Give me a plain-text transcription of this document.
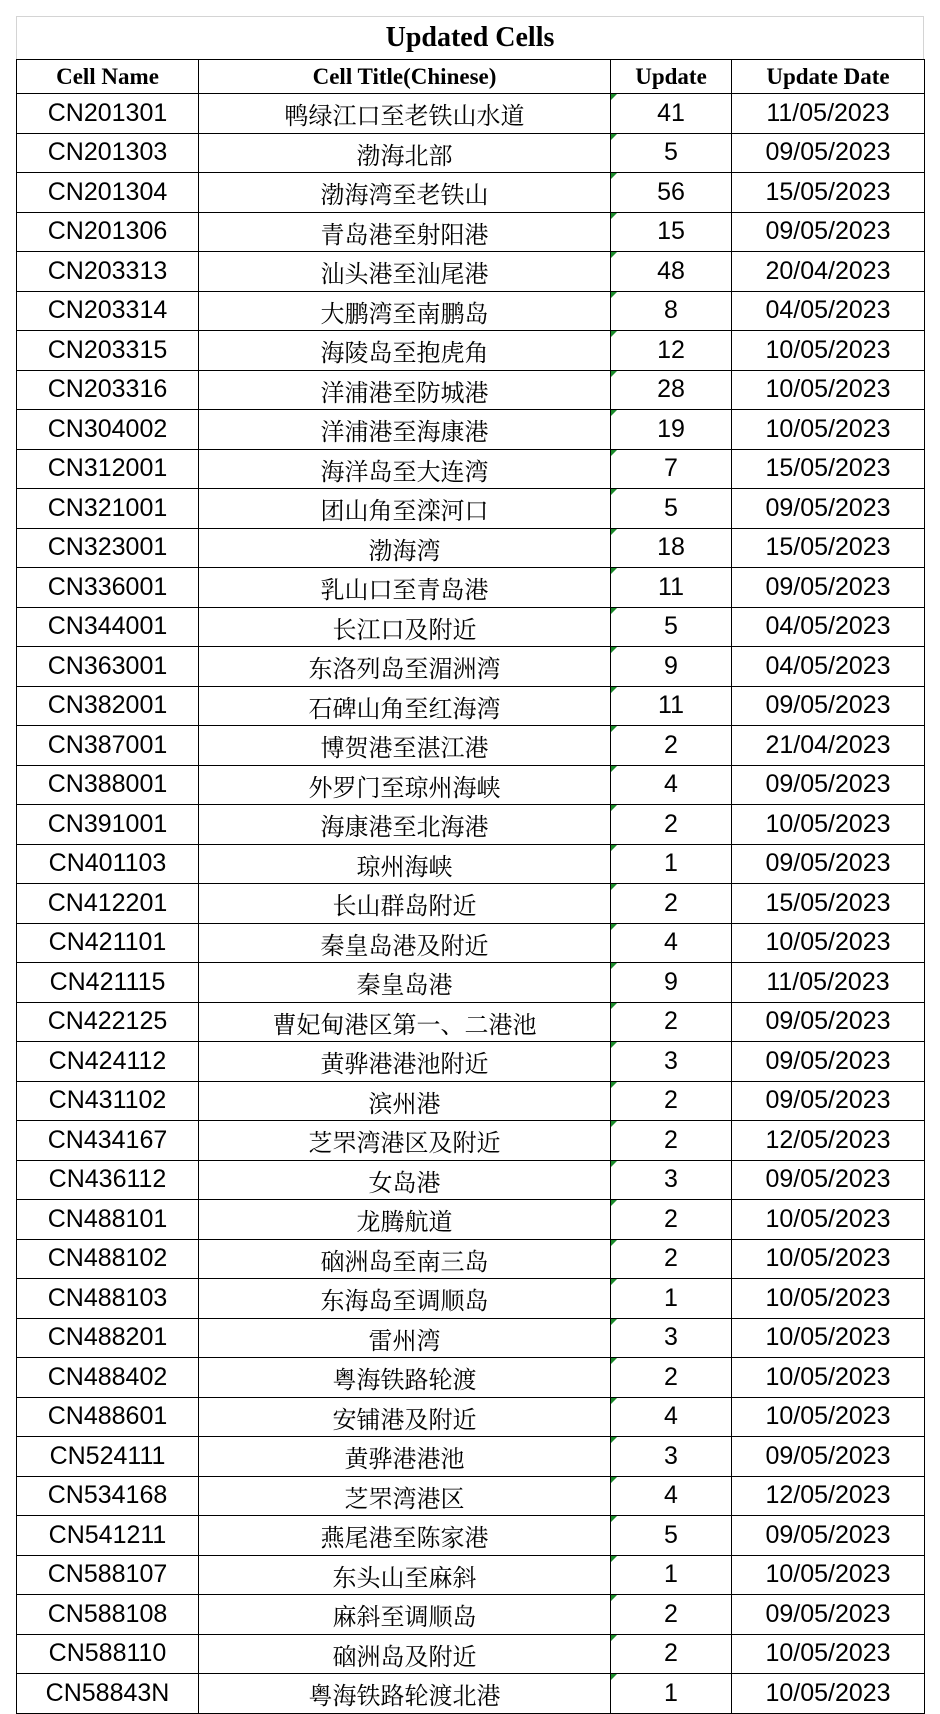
Updated Cells
Cell Name	Cell Title(Chinese)	Update	Update Date
CN201301	鸭绿江口至老铁山水道	41	11/05/2023
CN201303	渤海北部	5	09/05/2023
CN201304	渤海湾至老铁山	56	15/05/2023
CN201306	青岛港至射阳港	15	09/05/2023
CN203313	汕头港至汕尾港	48	20/04/2023
CN203314	大鹏湾至南鹏岛	8	04/05/2023
CN203315	海陵岛至抱虎角	12	10/05/2023
CN203316	洋浦港至防城港	28	10/05/2023
CN304002	洋浦港至海康港	19	10/05/2023
CN312001	海洋岛至大连湾	7	15/05/2023
CN321001	团山角至滦河口	5	09/05/2023
CN323001	渤海湾	18	15/05/2023
CN336001	乳山口至青岛港	11	09/05/2023
CN344001	长江口及附近	5	04/05/2023
CN363001	东洛列岛至湄洲湾	9	04/05/2023
CN382001	石碑山角至红海湾	11	09/05/2023
CN387001	博贺港至湛江港	2	21/04/2023
CN388001	外罗门至琼州海峡	4	09/05/2023
CN391001	海康港至北海港	2	10/05/2023
CN401103	琼州海峡	1	09/05/2023
CN412201	长山群岛附近	2	15/05/2023
CN421101	秦皇岛港及附近	4	10/05/2023
CN421115	秦皇岛港	9	11/05/2023
CN422125	曹妃甸港区第一、二港池	2	09/05/2023
CN424112	黄骅港港池附近	3	09/05/2023
CN431102	滨州港	2	09/05/2023
CN434167	芝罘湾港区及附近	2	12/05/2023
CN436112	女岛港	3	09/05/2023
CN488101	龙腾航道	2	10/05/2023
CN488102	硇洲岛至南三岛	2	10/05/2023
CN488103	东海岛至调顺岛	1	10/05/2023
CN488201	雷州湾	3	10/05/2023
CN488402	粤海铁路轮渡	2	10/05/2023
CN488601	安铺港及附近	4	10/05/2023
CN524111	黄骅港港池	3	09/05/2023
CN534168	芝罘湾港区	4	12/05/2023
CN541211	燕尾港至陈家港	5	09/05/2023
CN588107	东头山至麻斜	1	10/05/2023
CN588108	麻斜至调顺岛	2	09/05/2023
CN588110	硇洲岛及附近	2	10/05/2023
CN58843N	粤海铁路轮渡北港	1	10/05/2023
